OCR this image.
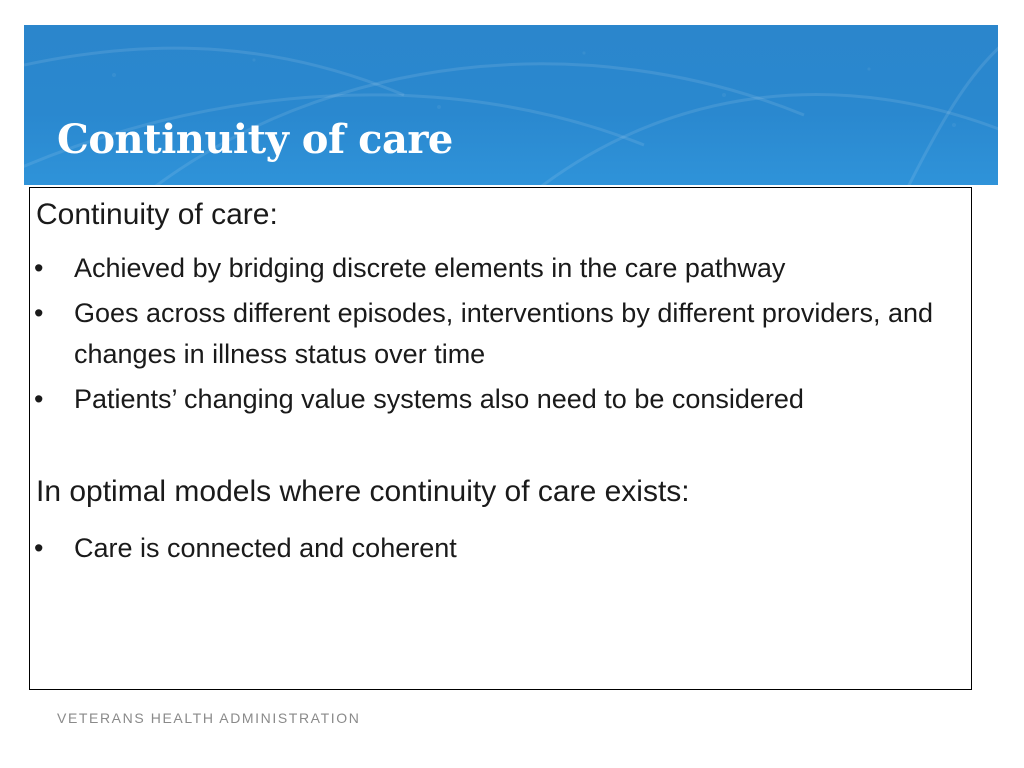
Continuity of care

Continuity of care:

• Achieved by bridging discrete elements in the care pathway
• Goes across different episodes, interventions by different providers, and changes in illness status over time
• Patients’ changing value systems also need to be considered

In optimal models where continuity of care exists:

• Care is connected and coherent

VETERANS HEALTH ADMINISTRATION
